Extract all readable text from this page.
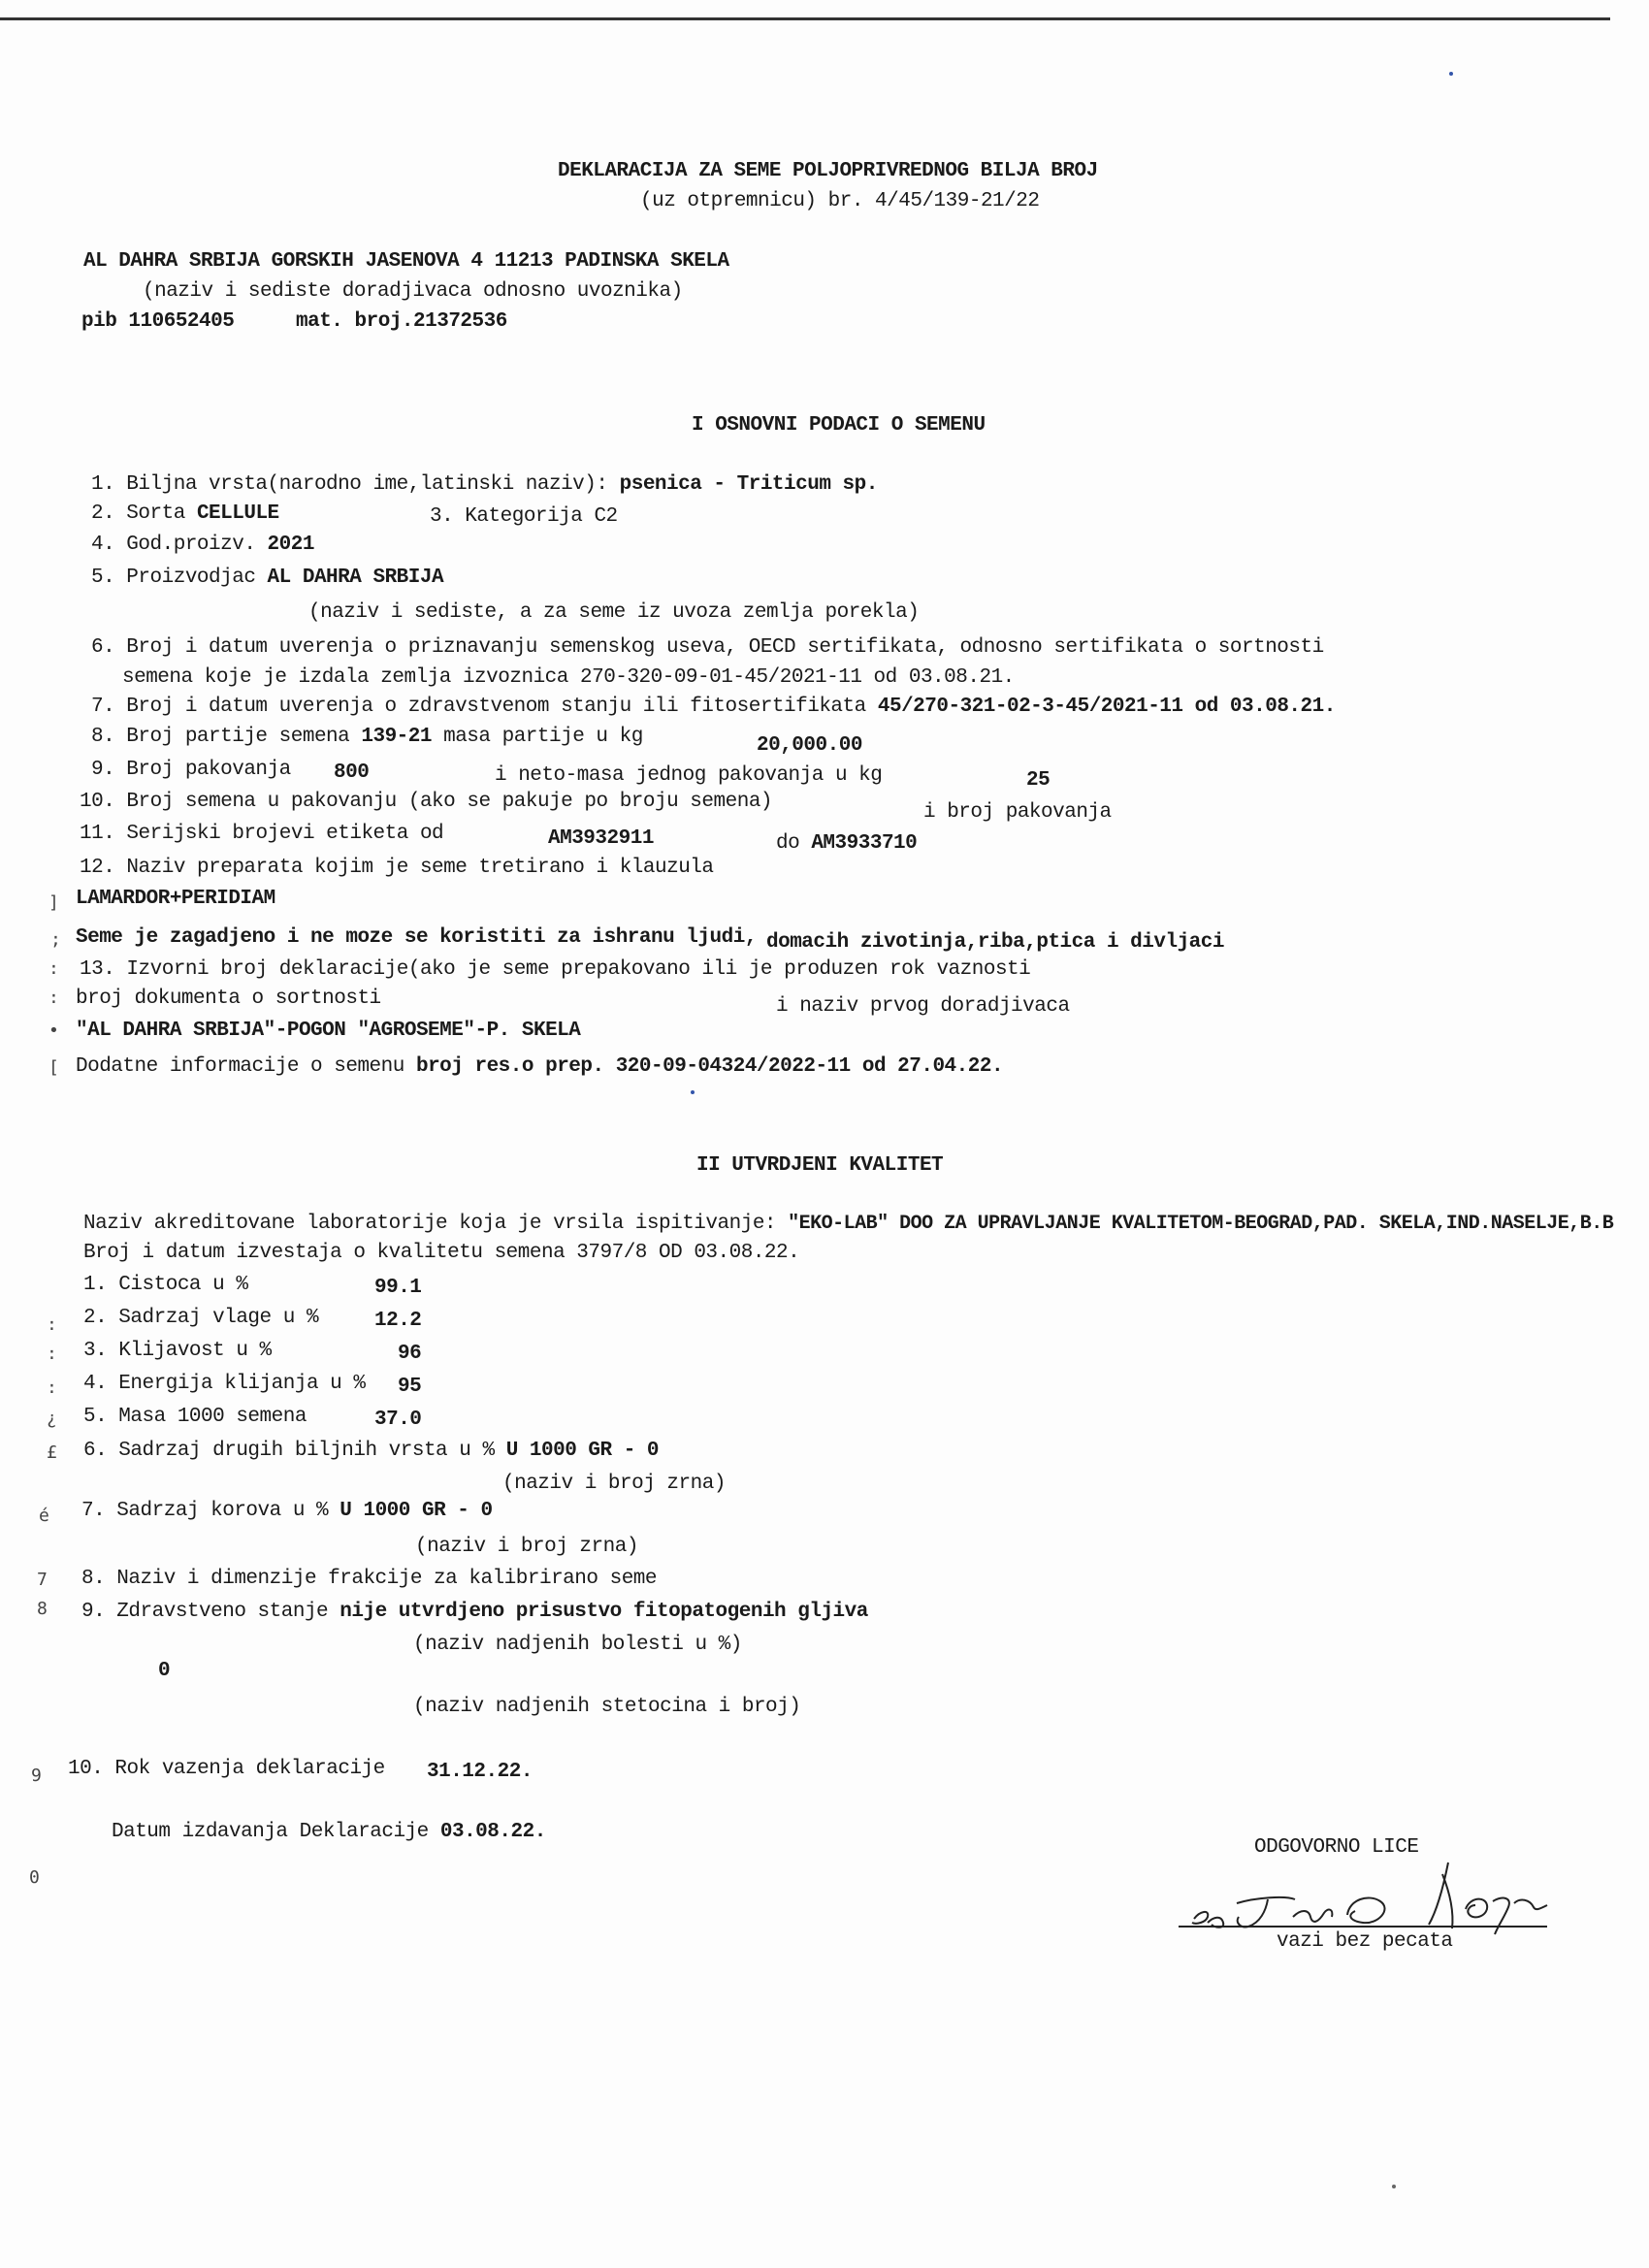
DEKLARACIJA ZA SEME POLJOPRIVREDNOG BILJA BROJ
(uz otpremnicu) br. 4/45/139-21/22
AL DAHRA SRBIJA GORSKIH JASENOVA 4 11213 PADINSKA SKELA
(naziv i sediste doradjivaca odnosno uvoznika)
pib 110652405	mat. broj.21372536
I OSNOVNI PODACI O SEMENU
1. Biljna vrsta(narodno ime,latinski naziv): psenica - Triticum sp.
2. Sorta CELLULE	3. Kategorija C2
4. God.proizv. 2021
5. Proizvodjac AL DAHRA SRBIJA
(naziv i sediste, a za seme iz uvoza zemlja porekla)
6. Broj i datum uverenja o priznavanju semenskog useva, OECD sertifikata, odnosno sertifikata o sortnosti
semena koje je izdala zemlja izvoznica 270-320-09-01-45/2021-11 od 03.08.21.
7. Broj i datum uverenja o zdravstvenom stanju ili fitosertifikata 45/270-321-02-3-45/2021-11 od 03.08.21.
8. Broj partije semena 139-21 masa partije u kg	20,000.00
9. Broj pakovanja 800	i neto-masa jednog pakovanja u kg	25
10. Broj semena u pakovanju (ako se pakuje po broju semena)	i broj pakovanja
11. Serijski brojevi etiketa od	AM3932911	do AM3933710
12. Naziv preparata kojim je seme tretirano i klauzula
LAMARDOR+PERIDIAM
Seme je zagadjeno i ne moze se koristiti za ishranu ljudi, domacih zivotinja,riba,ptica i divljaci
13. Izvorni broj deklaracije(ako je seme prepakovano ili je produzen rok vaznosti
broj dokumenta o sortnosti	i naziv prvog doradjivaca
"AL DAHRA SRBIJA"-POGON "AGROSEME"-P. SKELA
Dodatne informacije o semenu broj res.o prep. 320-09-04324/2022-11 od 27.04.22.
II UTVRDJENI KVALITET
Naziv akreditovane laboratorije koja je vrsila ispitivanje: "EKO-LAB" DOO ZA UPRAVLJANJE KVALITETOM-BEOGRAD,PAD. SKELA,IND.NASELJE,B.B
Broj i datum izvestaja o kvalitetu semena 3797/8 OD 03.08.22.
1. Cistoca u %	99.1
2. Sadrzaj vlage u %	12.2
3. Klijavost u %	96
4. Energija klijanja u % 95
5. Masa 1000 semena	37.0
6. Sadrzaj drugih biljnih vrsta u % U 1000 GR - 0
(naziv i broj zrna)
7. Sadrzaj korova u % U 1000 GR - 0
(naziv i broj zrna)
8. Naziv i dimenzije frakcije za kalibrirano seme
9. Zdravstveno stanje nije utvrdjeno prisustvo fitopatogenih gljiva
(naziv nadjenih bolesti u %)
0
(naziv nadjenih stetocina i broj)
10. Rok vazenja deklaracije 31.12.22.
Datum izdavanja Deklaracije 03.08.22.
ODGOVORNO LICE
vazi bez pecata
]
;
:
:
•
[
:
:
:
¿
£
é
7
8
9
0
